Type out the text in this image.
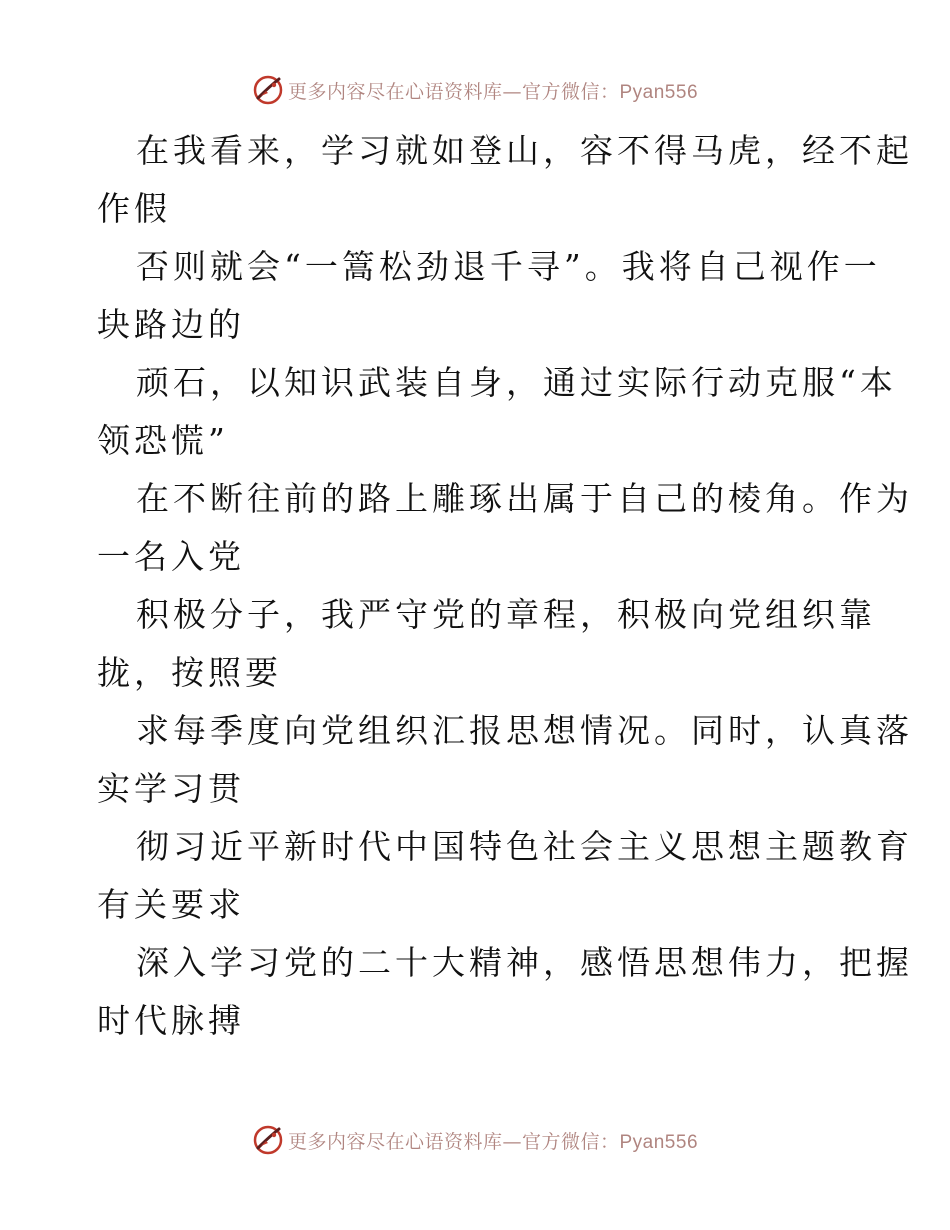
更多内容尽在心语资料库—官方微信：Pyan556

在我看来，学习就如登山，容不得马虎，经不起

作假

否则就会“一篙松劲退千寻”。我将自己视作一

块路边的

顽石，以知识武装自身，通过实际行动克服“本

领恐慌”

在不断往前的路上雕琢出属于自己的棱角。作为

一名入党

积极分子，我严守党的章程，积极向党组织靠

拢，按照要

求每季度向党组织汇报思想情况。同时，认真落

实学习贯

彻习近平新时代中国特色社会主义思想主题教育

有关要求

深入学习党的二十大精神，感悟思想伟力，把握

时代脉搏

更多内容尽在心语资料库—官方微信：Pyan556
